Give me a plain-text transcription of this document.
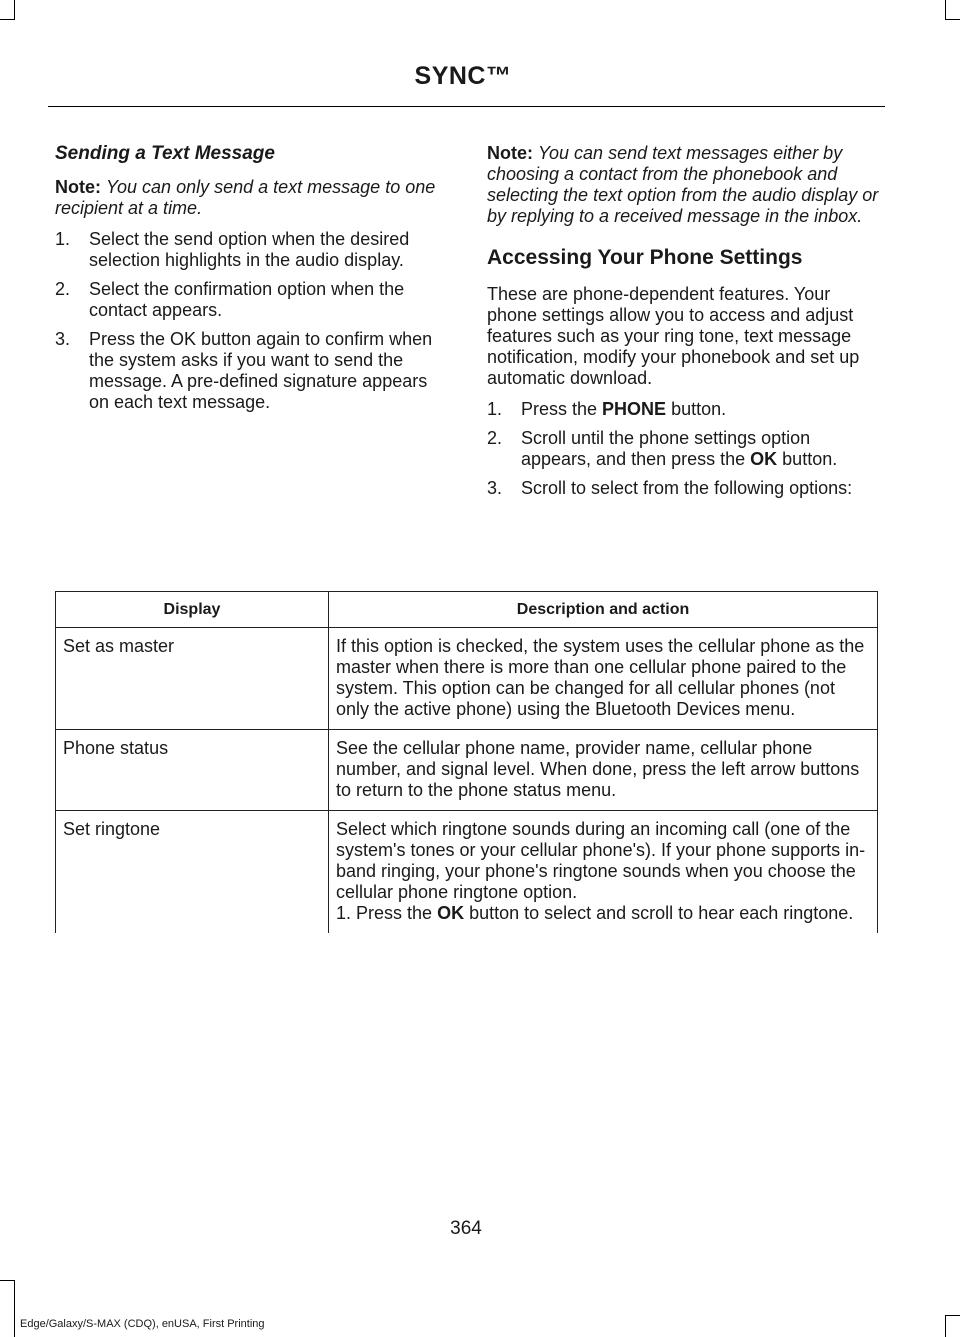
SYNC™
Sending a Text Message

Note: You can only send a text message to one recipient at a time.

1. Select the send option when the desired selection highlights in the audio display.
2. Select the confirmation option when the contact appears.
3. Press the OK button again to confirm when the system asks if you want to send the message. A pre-defined signature appears on each text message.

Note: You can send text messages either by choosing a contact from the phonebook and selecting the text option from the audio display or by replying to a received message in the inbox.

Accessing Your Phone Settings

These are phone-dependent features. Your phone settings allow you to access and adjust features such as your ring tone, text message notification, modify your phonebook and set up automatic download.

1. Press the PHONE button.
2. Scroll until the phone settings option appears, and then press the OK button.
3. Scroll to select from the following options:
Display	Description and action
Set as master	If this option is checked, the system uses the cellular phone as the master when there is more than one cellular phone paired to the system. This option can be changed for all cellular phones (not only the active phone) using the Bluetooth Devices menu.
Phone status	See the cellular phone name, provider name, cellular phone number, and signal level. When done, press the left arrow buttons to return to the phone status menu.
Set ringtone	Select which ringtone sounds during an incoming call (one of the system's tones or your cellular phone's). If your phone supports in-band ringing, your phone's ringtone sounds when you choose the cellular phone ringtone option.
1. Press the OK button to select and scroll to hear each ringtone.
364
Edge/Galaxy/S-MAX (CDQ), enUSA, First Printing
